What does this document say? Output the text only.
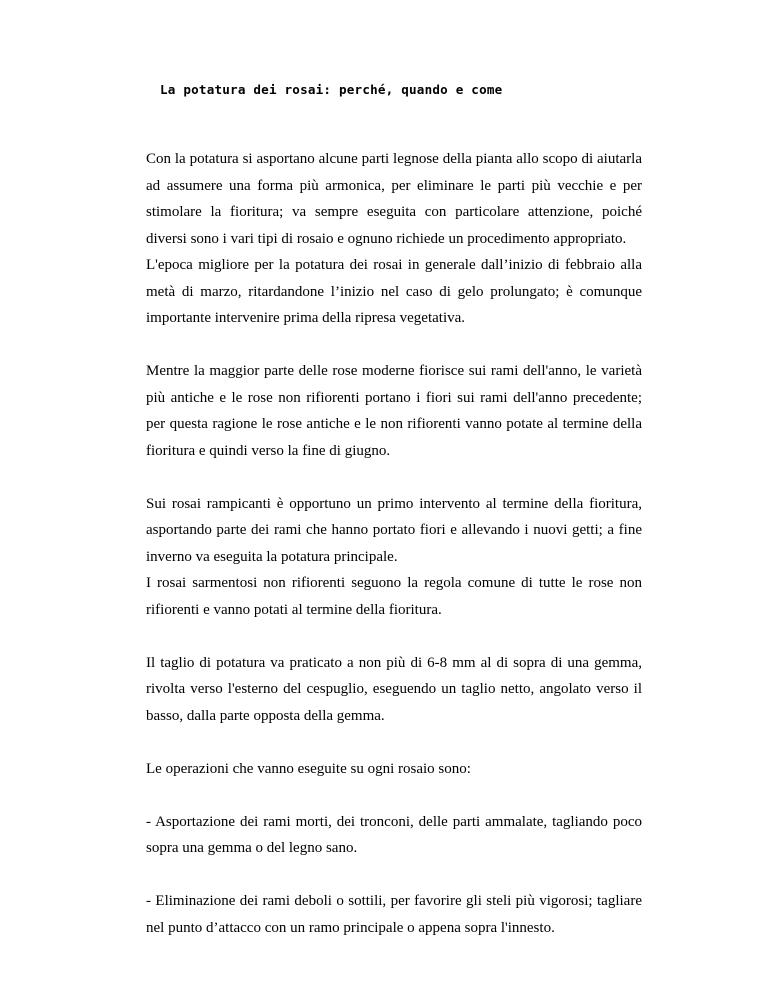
La potatura dei rosai: perché, quando e come

Con la potatura si asportano alcune parti legnose della pianta allo scopo di aiutarla ad assumere una forma più armonica, per eliminare le parti più vecchie e per stimolare la fioritura; va sempre eseguita con particolare attenzione, poiché diversi sono i vari tipi di rosaio e ognuno richiede un procedimento appropriato.

L'epoca migliore per la potatura dei rosai in generale dall’inizio di febbraio alla metà di marzo, ritardandone l’inizio nel caso di gelo prolungato; è comunque importante intervenire prima della ripresa vegetativa.

Mentre la maggior parte delle rose moderne fiorisce sui rami dell'anno, le varietà più antiche e le rose non rifiorenti portano i fiori sui rami dell'anno precedente; per questa ragione le rose antiche e le non rifiorenti vanno potate al termine della fioritura e quindi verso la fine di giugno.

Sui rosai rampicanti è opportuno un primo intervento al termine della fioritura, asportando parte dei rami che hanno portato fiori e allevando i nuovi getti; a fine inverno va eseguita la potatura principale.

I rosai sarmentosi non rifiorenti seguono la regola comune di tutte le rose non rifiorenti e vanno potati al termine della fioritura.

Il taglio di potatura va praticato a non più di 6-8 mm al di sopra di una gemma, rivolta verso l'esterno del cespuglio, eseguendo un taglio netto, angolato verso il basso, dalla parte opposta della gemma.

Le operazioni che vanno eseguite su ogni rosaio sono:

- Asportazione dei rami morti, dei tronconi, delle parti ammalate, tagliando poco sopra una gemma o del legno sano.

- Eliminazione dei rami deboli o sottili, per favorire gli steli più vigorosi; tagliare nel punto d’attacco con un ramo principale o appena sopra l'innesto.
